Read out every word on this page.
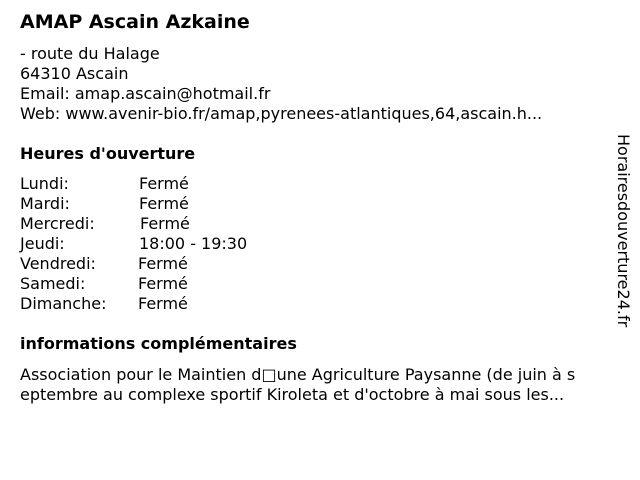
AMAP Ascain Azkaine
- route du Halage
64310 Ascain
Email: amap.ascain@hotmail.fr
Web: www.avenir-bio.fr/amap,pyrenees-atlantiques,64,ascain.h...
Heures d'ouverture
Lundi:	Fermé
Mardi:	Fermé
Mercredi:	Fermé
Jeudi:	18:00 - 19:30
Vendredi:	Fermé
Samedi:	Fermé
Dimanche: Fermé
informations complémentaires
Association pour le Maintien d□une Agriculture Paysanne (de juin à s
eptembre au complexe sportif Kiroleta et d'octobre à mai sous les...
Horairesdouverture24.fr
